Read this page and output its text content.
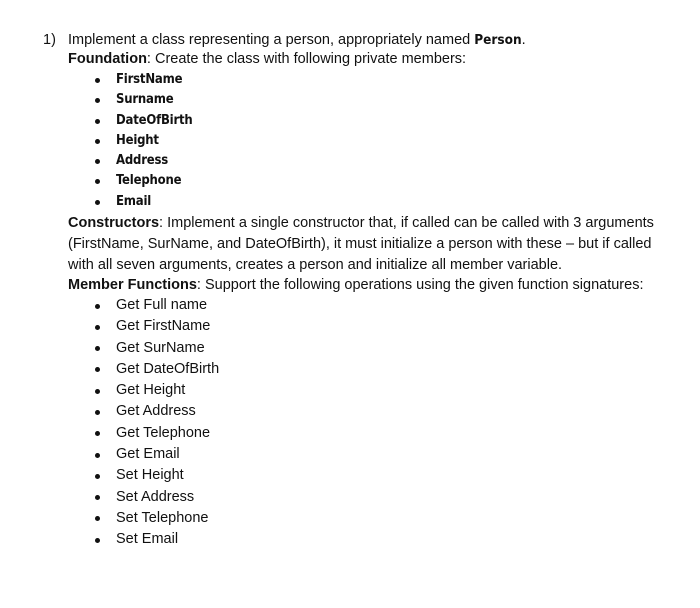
1) Implement a class representing a person, appropriately named Person.
Foundation: Create the class with following private members:
FirstName
Surname
DateOfBirth
Height
Address
Telephone
Email
Constructors: Implement a single constructor that, if called can be called with 3 arguments (FirstName, SurName, and DateOfBirth), it must initialize a person with these – but if called with all seven arguments, creates a person and initialize all member variable.
Member Functions: Support the following operations using the given function signatures:
Get Full name
Get FirstName
Get SurName
Get DateOfBirth
Get Height
Get Address
Get Telephone
Get Email
Set Height
Set Address
Set Telephone
Set Email
